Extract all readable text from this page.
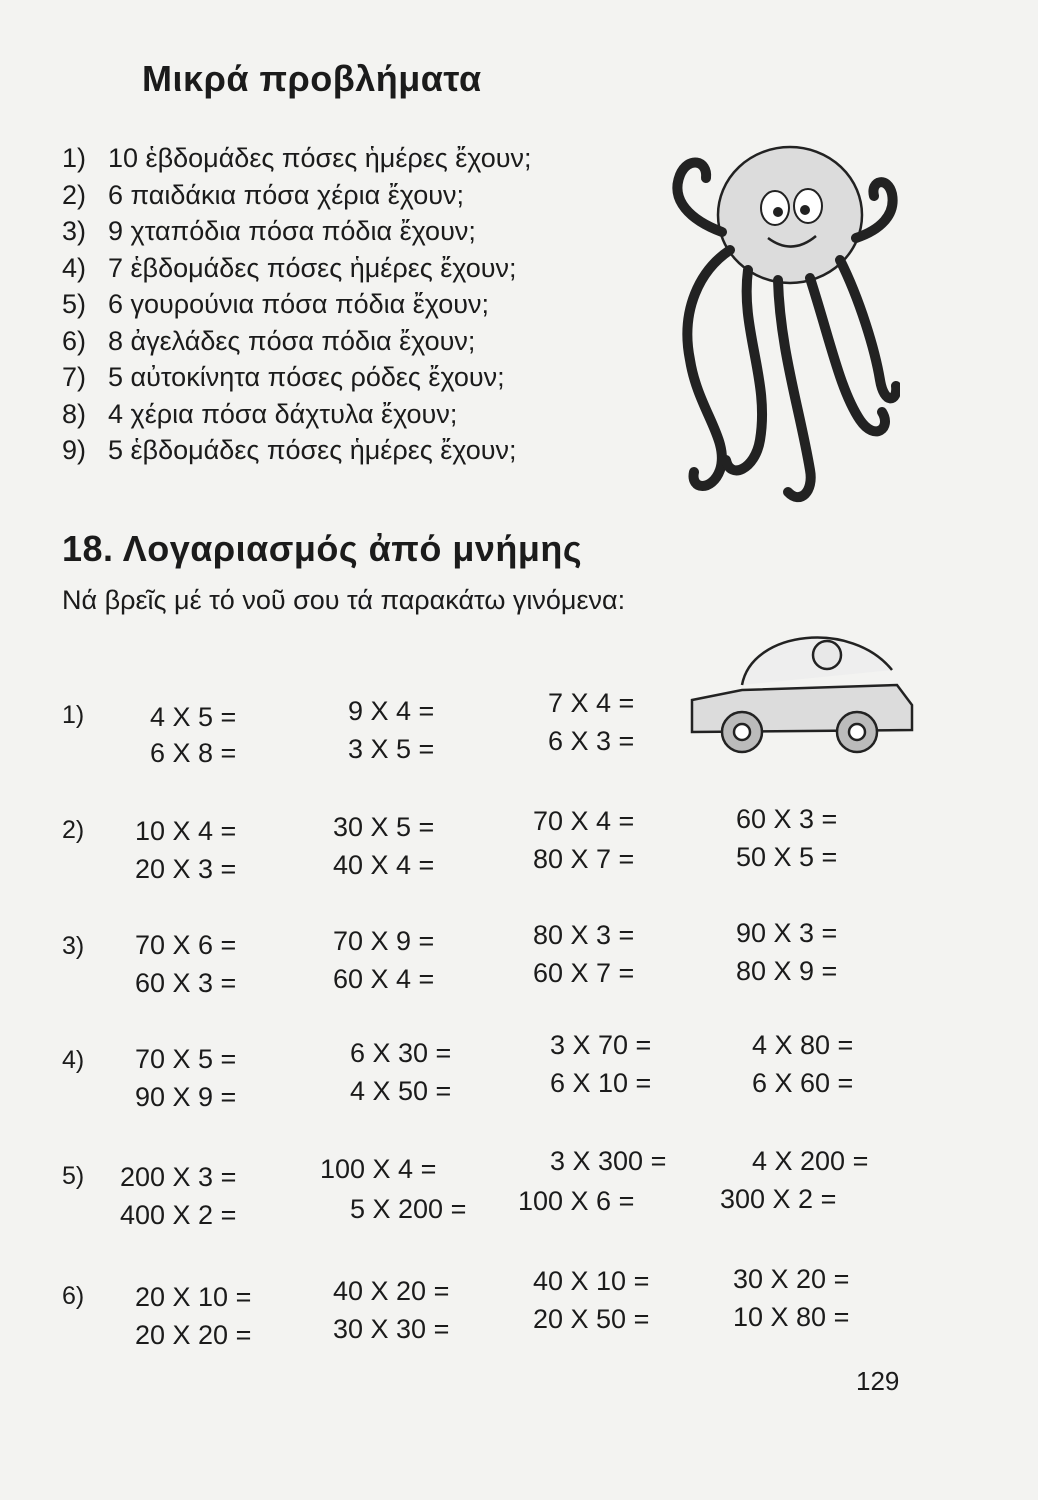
Μικρά προβλήματα
1) 10 ἑβδομάδες πόσες ἡμέρες ἔχουν;
2) 6 παιδάκια πόσα χέρια ἔχουν;
3) 9 χταπόδια πόσα πόδια ἔχουν;
4) 7 ἑβδομάδες πόσες ἡμέρες ἔχουν;
5) 6 γουρούνια πόσα πόδια ἔχουν;
6) 8 ἀγελάδες πόσα πόδια ἔχουν;
7) 5 αὐτοκίνητα πόσες ρόδες ἔχουν;
8) 4 χέρια πόσα δάχτυλα ἔχουν;
9) 5 ἑβδομάδες πόσες ἡμέρες ἔχουν;
18. Λογαριασμός ἀπό μνήμης
Νά βρεῖς μέ τό νοῦ σου τά παρακάτω γινόμενα:
1)
2)
3)
4)
5)
6)
4 X 5 =
6 X 8 =
9 X 4 =
3 X 5 =
7 X 4 =
6 X 3 =
10 X 4 =
20 X 3 =
30 X 5 =
40 X 4 =
70 X 4 =
80 X 7 =
60 X 3 =
50 X 5 =
70 X 6 =
60 X 3 =
70 X 9 =
60 X 4 =
80 X 3 =
60 X 7 =
90 X 3 =
80 X 9 =
70 X 5 =
90 X 9 =
6 X 30 =
4 X 50 =
3 X 70 =
6 X 10 =
4 X 80 =
6 X 60 =
200 X 3 =
400 X 2 =
100 X 4 =
5 X 200 =
3 X 300 =
100 X 6 =
4 X 200 =
300 X 2 =
20 X 10 =
20 X 20 =
40 X 20 =
30 X 30 =
40 X 10 =
20 X 50 =
30 X 20 =
10 X 80 =
129
